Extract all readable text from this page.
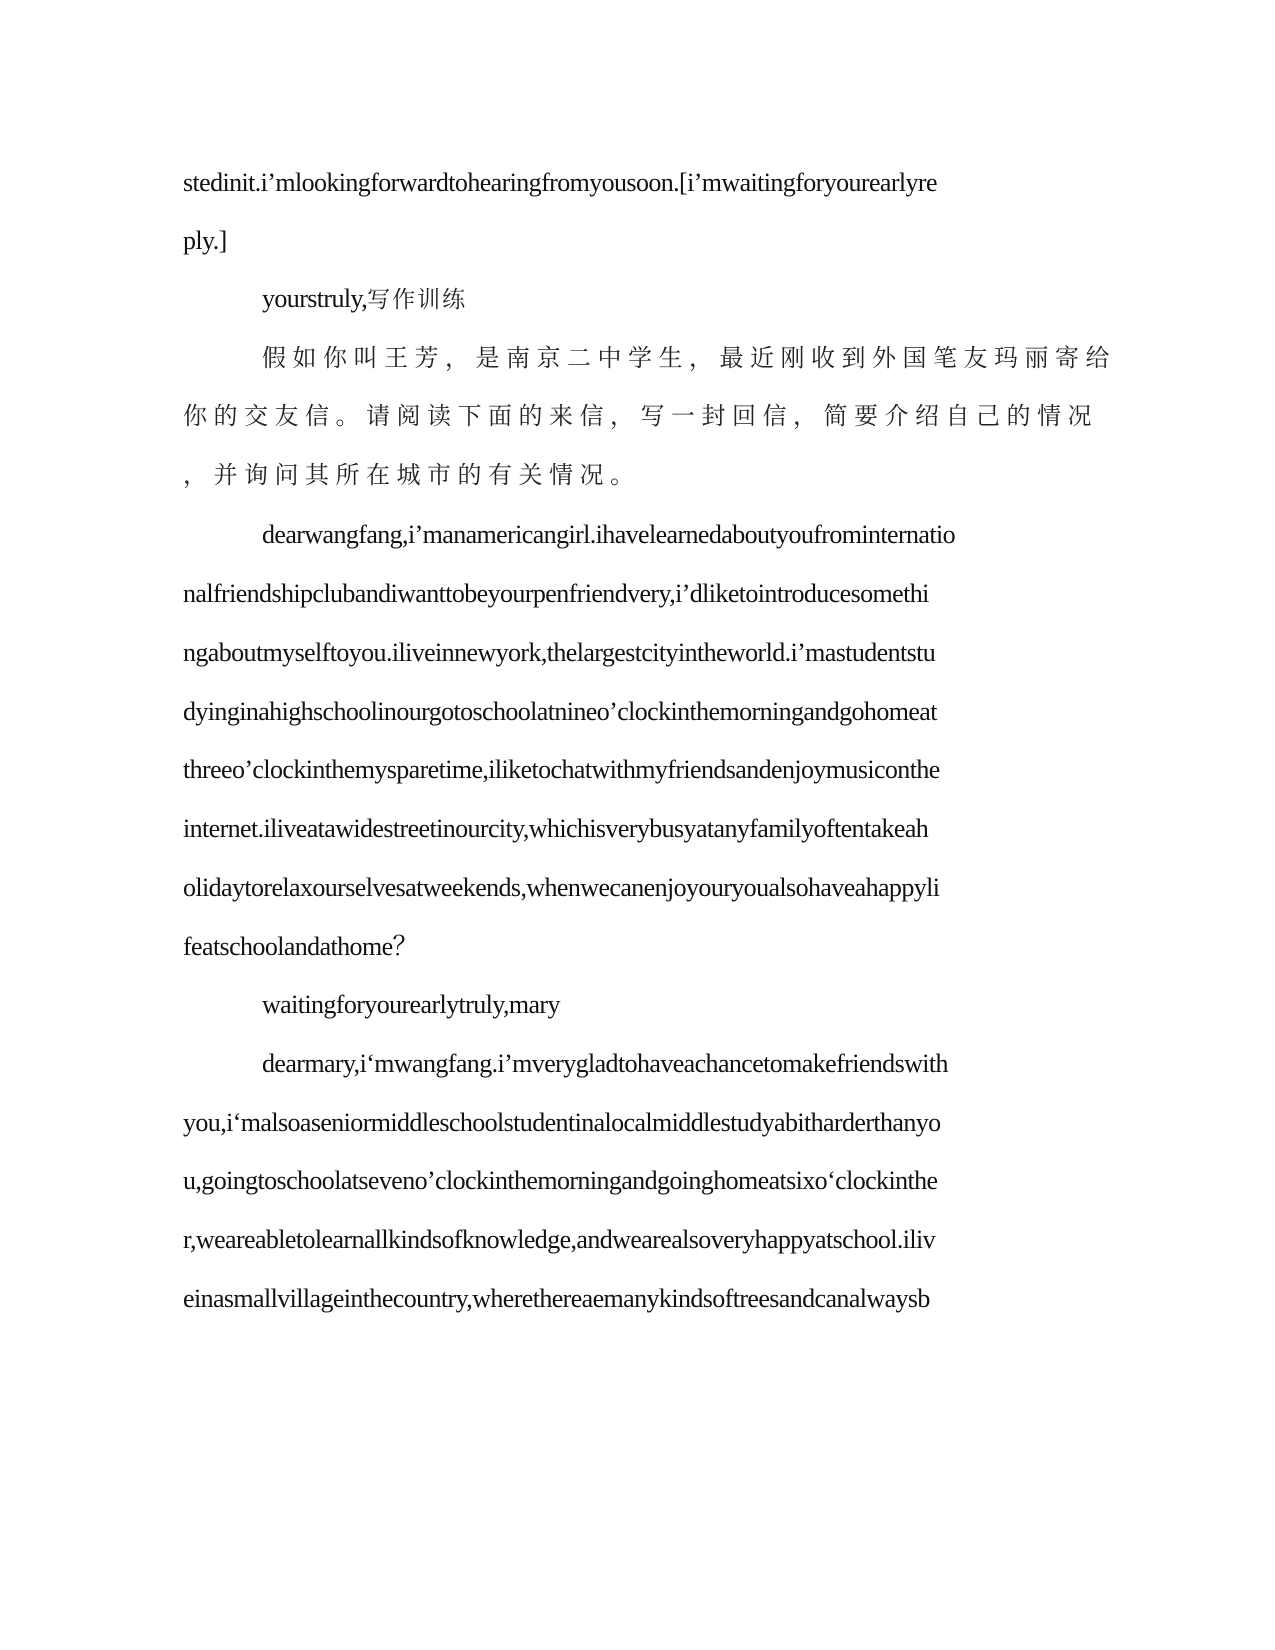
stedinit.i’mlookingforwardtohearingfromyousoon.[i’mwaitingforyourearlyre
ply.]
yourstruly,写作训练
假如你叫王芳，是南京二中学生，最近刚收到外国笔友玛丽寄给
你的交友信。请阅读下面的来信，写一封回信，简要介绍自己的情况
，并询问其所在城市的有关情况。
dearwangfang,i’manamericangirl.ihavelearnedaboutyoufrominternatio
nalfriendshipclubandiwanttobeyourpenfriendvery,i’dliketointroducesomethi
ngaboutmyselftoyou.iliveinnewyork,thelargestcityintheworld.i’mastudentstu
dyinginahighschoolinourgotoschoolatnineo’clockinthemorningandgohomeat
threeo’clockinthemysparetime,iliketochatwithmyfriendsandenjoymusiconthe
internet.iliveatawidestreetinourcity,whichisverybusyatanyfamilyoftentakeah
olidaytorelaxourselvesatweekends,whenwecanenjoyouryoualsohaveahappyli
featschoolandathome？
waitingforyourearlytruly,mary
dearmary,i‘mwangfang.i’mverygladtohaveachancetomakefriendswith
you,i‘malsoaseniormiddleschoolstudentinalocalmiddlestudyabitharderthanyo
u,goingtoschoolatseveno’clockinthemorningandgoinghomeatsixo‘clockinthe
r,weareabletolearnallkindsofknowledge,andwearealsoveryhappyatschool.iliv
einasmallvillageinthecountry,wherethereaemanykindsoftreesandcanalwaysb
